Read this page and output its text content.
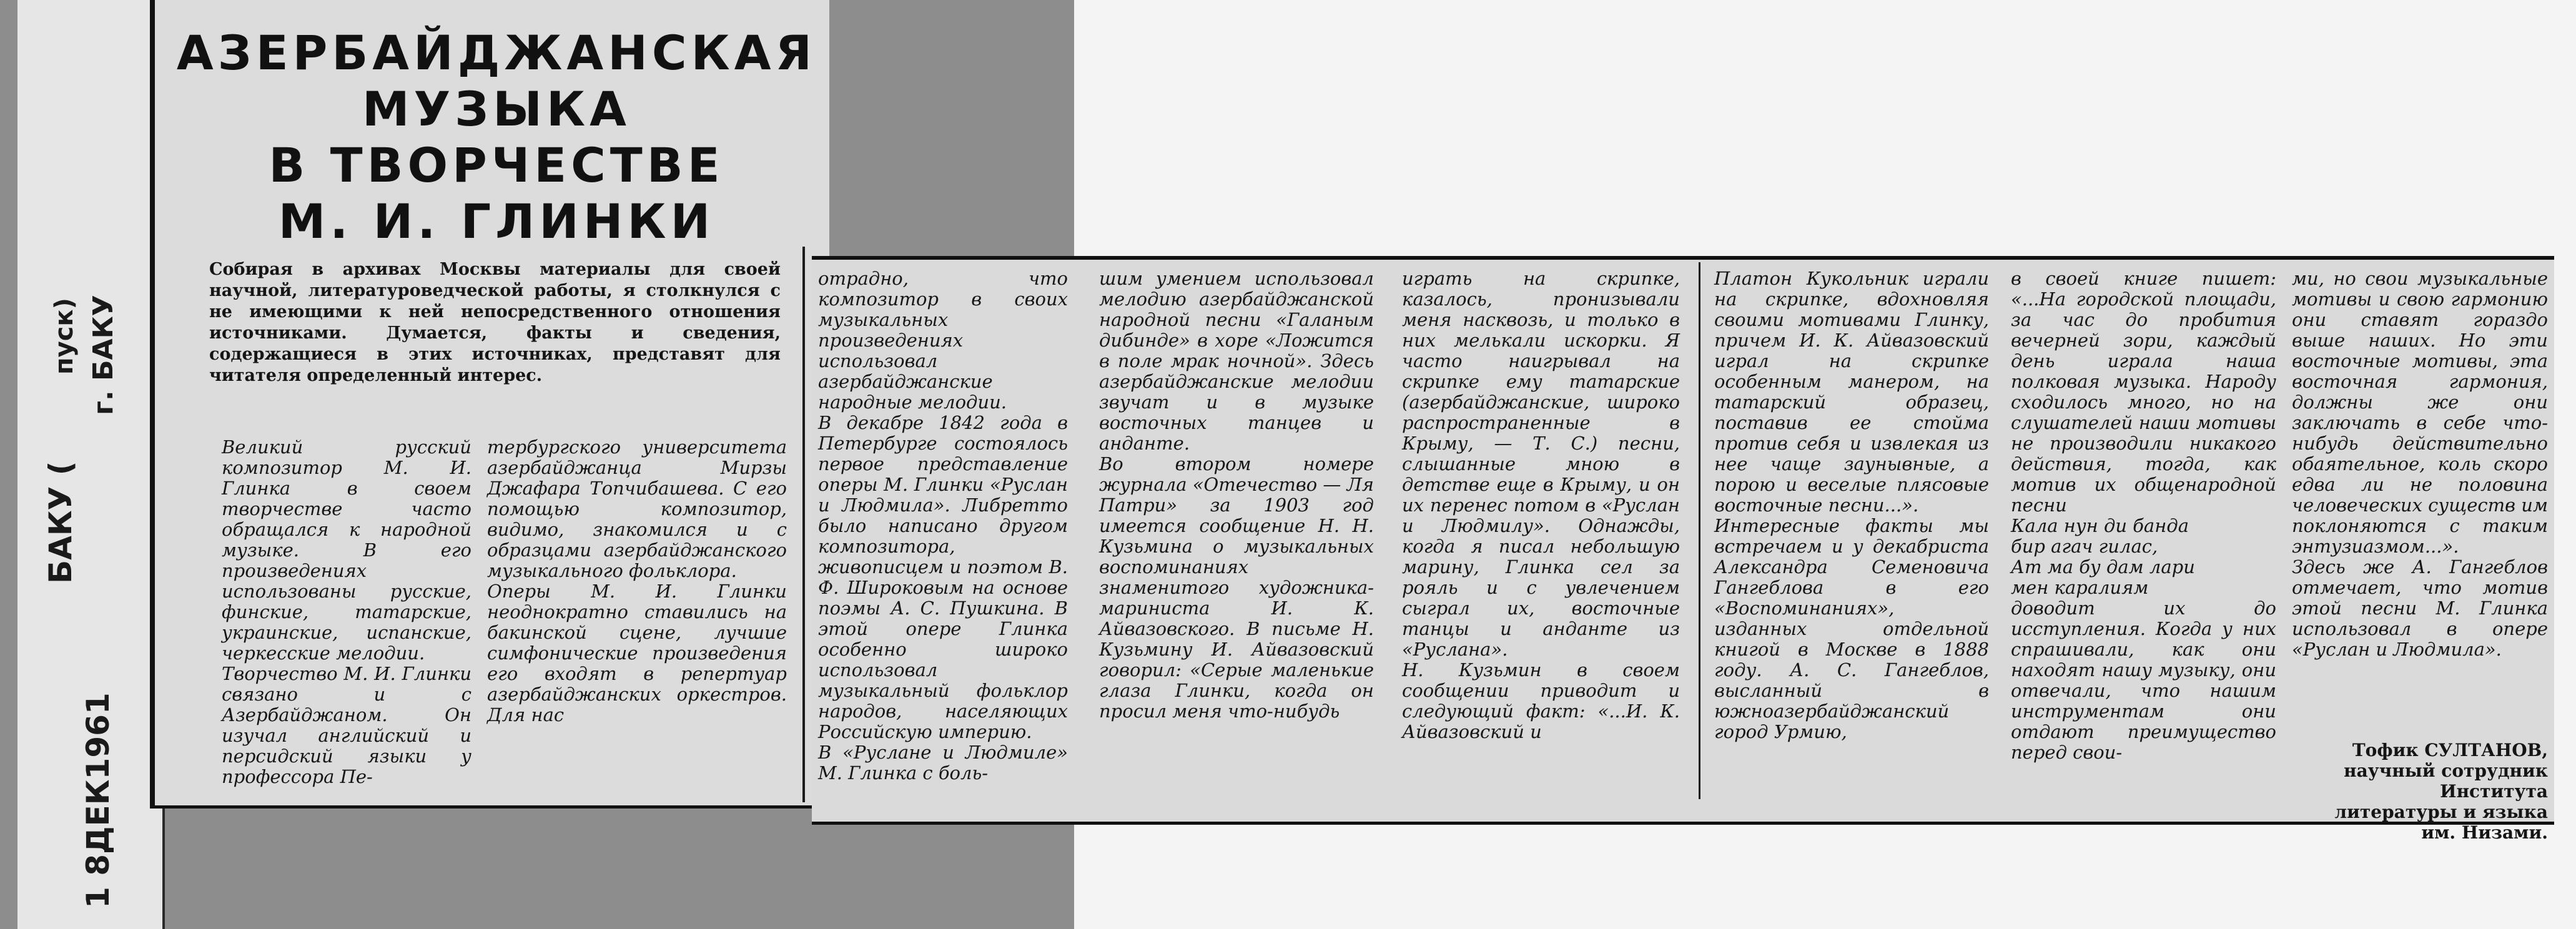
БАКУ (
пуск) г. БАКУ
1 8ДЕК1961
АЗЕРБАЙДЖАНСКАЯ
МУЗЫКА
В ТВОРЧЕСТВЕ
М. И. ГЛИНКИ

Собирая в архивах Москвы материалы для своей научной, литературоведческой работы, я столкнулся с не имеющими к ней непосредственного отношения источниками. Думается, факты и сведения, содержащиеся в этих источниках, представят для читателя определенный интерес.

Великий русский композитор М. И. Глинка в своем творчестве часто обращался к народной музыке. В его произведениях использованы русские, финские, татарские, украинские, испанские, черкесские мелодии.
Творчество М. И. Глинки связано и с Азербайджаном. Он изучал английский и персидский языки у профессора Пе-
тербургского университета азербайджанца Мирзы Джафара Топчибашева. С его помощью композитор, видимо, знакомился и с образцами азербайджанского музыкального фольклора.
Оперы М. И. Глинки неоднократно ставились на бакинской сцене, лучшие симфонические произведения его входят в репертуар азербайджанских оркестров. Для нас
отрадно, что композитор в своих музыкальных произведениях использовал азербайджанские народные мелодии.
В декабре 1842 года в Петербурге состоялось первое представление оперы М. Глинки «Руслан и Людмила». Либретто было написано другом композитора, живописцем и поэтом В. Ф. Широковым на основе поэмы А. С. Пушкина. В этой опере Глинка особенно широко использовал музыкальный фольклор народов, населяющих Российскую империю.
В «Руслане и Людмиле» М. Глинка с боль-
шим умением использовал мелодию азербайджанской народной песни «Галаным дибинде» в хоре «Ложится в поле мрак ночной». Здесь азербайджанские мелодии звучат и в музыке восточных танцев и андантe.
Во втором номере журнала «Отечество — Ля Патри» за 1903 год имеется сообщение Н. Н. Кузьмина о музыкальных воспоминаниях знаменитого художника-мариниста И. К. Айвазовского. В письме Н. Кузьмину И. Айвазовский говорил: «Серые маленькие глаза Глинки, когда он просил меня что-нибудь
играть на скрипке, казалось, пронизывали меня насквозь, и только в них мелькали искорки. Я часто наигрывал на скрипке ему татарские (азербайджанские, широко распространенные в Крыму, — Т. С.) песни, слышанные мною в детстве еще в Крыму, и он их перенес потом в «Руслан и Людмилу». Однажды, когда я писал небольшую марину, Глинка сел за рояль и с увлечением сыграл их, восточные танцы и анданте из «Руслана».
Н. Кузьмин в своем сообщении приводит и следующий факт: «...И. К. Айвазовский и
Платон Кукольник играли на скрипке, вдохновляя своими мотивами Глинку, причем И. К. Айвазовский играл на скрипке особенным манером, на татарский образец, поставив ее стойма против себя и извлекая из нее чаще заунывные, а порою и веселые плясовые восточные песни...».
Интересные факты мы встречаем и у декабриста Александра Семеновича Гангеблова в его «Воспоминаниях», изданных отдельной книгой в Москве в 1888 году. А. С. Гангеблов, высланный в южноазербайджанский город Урмию,
в своей книге пишет: «...На городской площади, за час до пробития вечерней зори, каждый день играла наша полковая музыка. Народу сходилось много, но на слушателей наши мотивы не производили никакого действия, тогда, как мотив их общенародной песни
Кала нун ди банда
бир агач гилас,
Ат ма бу дам лари
мен каралиям
доводит их до исступления. Когда у них спрашивали, как они находят нашу музыку, они отвечали, что нашим инструментам они отдают преимущество перед свои-
ми, но свои музыкальные мотивы и свою гармонию они ставят гораздо выше наших. Но эти восточные мотивы, эта восточная гармония, должны же они заключать в себе что-нибудь действительно обаятельное, коль скоро едва ли не половина человеческих существ им поклоняются с таким энтузиазмом...».
Здесь же А. Гангеблов отмечает, что мотив этой песни М. Глинка использовал в опере «Руслан и Людмила».
Тофик СУЛТАНОВ,
научный сотрудник Института литературы и языка им. Низами.
